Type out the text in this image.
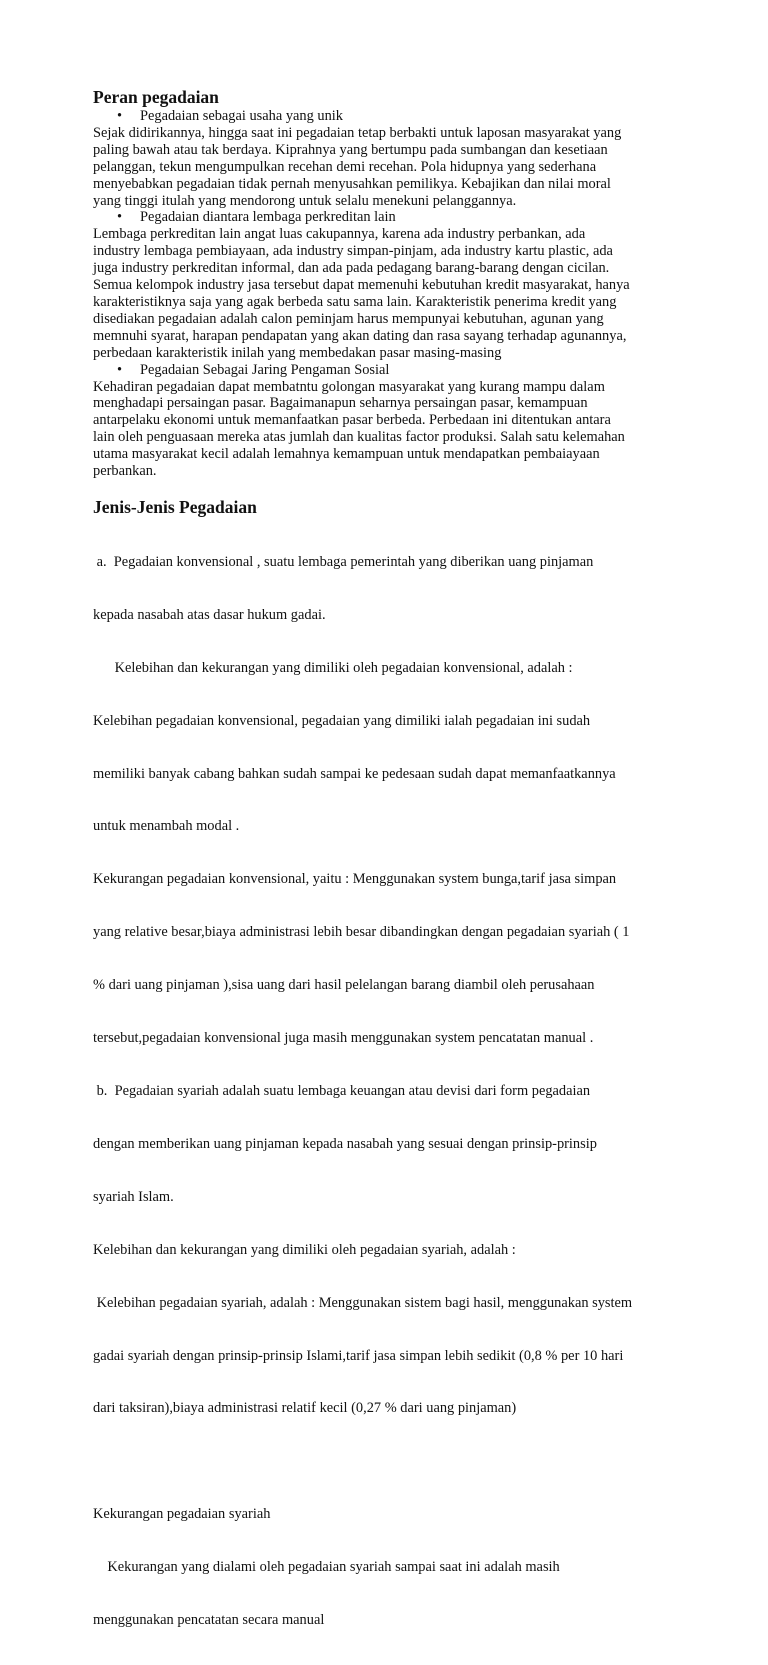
Peran pegadaian
• Pegadaian sebagai usaha yang unik

Sejak didirikannya, hingga saat ini pegadaian tetap berbakti untuk laposan masyarakat yang

paling bawah atau tak berdaya. Kiprahnya yang bertumpu pada sumbangan dan kesetiaan

pelanggan, tekun mengumpulkan recehan demi recehan. Pola hidupnya yang sederhana

menyebabkan pegadaian tidak pernah menyusahkan pemilikya. Kebajikan dan nilai moral

yang tinggi itulah yang mendorong untuk selalu menekuni pelanggannya.

• Pegadaian diantara lembaga perkreditan lain

Lembaga perkreditan lain angat luas cakupannya, karena ada industry perbankan, ada

industry lembaga pembiayaan, ada industry simpan-pinjam, ada industry kartu plastic, ada

juga industry perkreditan informal, dan ada pada pedagang barang-barang dengan cicilan.

Semua kelompok industry jasa tersebut dapat memenuhi kebutuhan kredit masyarakat, hanya

karakteristiknya saja yang agak berbeda satu sama lain. Karakteristik penerima kredit yang

disediakan pegadaian adalah calon peminjam harus mempunyai kebutuhan, agunan yang

memnuhi syarat, harapan pendapatan yang akan dating dan rasa sayang terhadap agunannya,

perbedaan karakteristik inilah yang membedakan pasar masing-masing

• Pegadaian Sebagai Jaring Pengaman Sosial

Kehadiran pegadaian dapat membatntu golongan masyarakat yang kurang mampu dalam

menghadapi persaingan pasar. Bagaimanapun seharnya persaingan pasar, kemampuan

antarpelaku ekonomi untuk memanfaatkan pasar berbeda. Perbedaan ini ditentukan antara

lain oleh penguasaan mereka atas jumlah dan kualitas factor produksi. Salah satu kelemahan

utama masyarakat kecil adalah lemahnya kemampuan untuk mendapatkan pembaiayaan

perbankan.

Jenis-Jenis Pegadaian

a.  Pegadaian konvensional , suatu lembaga pemerintah yang diberikan uang pinjaman

kepada nasabah atas dasar hukum gadai.

Kelebihan dan kekurangan yang dimiliki oleh pegadaian konvensional, adalah :

Kelebihan pegadaian konvensional, pegadaian yang dimiliki ialah pegadaian ini sudah

memiliki banyak cabang bahkan sudah sampai ke pedesaan sudah dapat memanfaatkannya

untuk menambah modal .

Kekurangan pegadaian konvensional, yaitu : Menggunakan system bunga,tarif jasa simpan

yang relative besar,biaya administrasi lebih besar dibandingkan dengan pegadaian syariah ( 1

% dari uang pinjaman ),sisa uang dari hasil pelelangan barang diambil oleh perusahaan

tersebut,pegadaian konvensional juga masih menggunakan system pencatatan manual .

b.  Pegadaian syariah adalah suatu lembaga keuangan atau devisi dari form pegadaian

dengan memberikan uang pinjaman kepada nasabah yang sesuai dengan prinsip-prinsip

syariah Islam.

Kelebihan dan kekurangan yang dimiliki oleh pegadaian syariah, adalah :

Kelebihan pegadaian syariah, adalah : Menggunakan sistem bagi hasil, menggunakan system

gadai syariah dengan prinsip-prinsip Islami,tarif jasa simpan lebih sedikit (0,8 % per 10 hari

dari taksiran),biaya administrasi relatif kecil (0,27 % dari uang pinjaman)

Kekurangan pegadaian syariah

Kekurangan yang dialami oleh pegadaian syariah sampai saat ini adalah masih

menggunakan pencatatan secara manual
